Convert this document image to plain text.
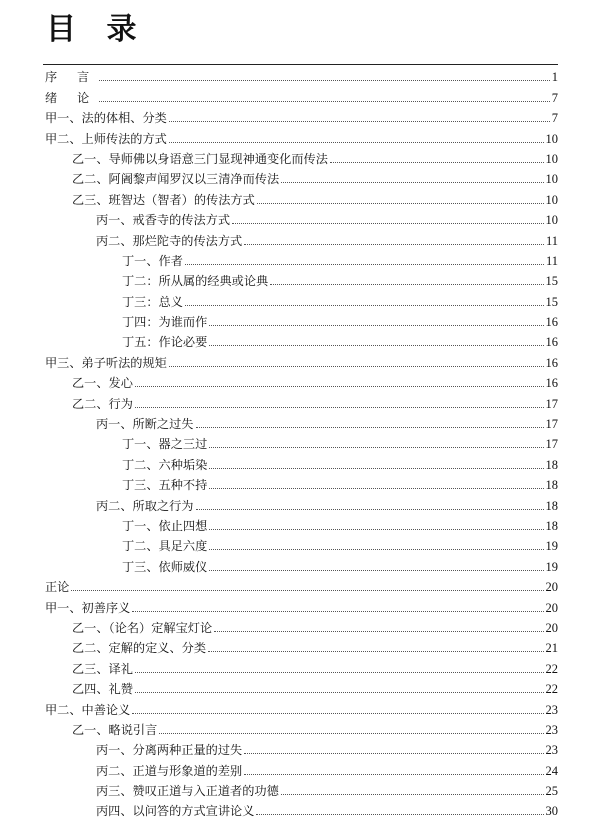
目 录
序 言	1
绪 论	7
甲一、法的体相、分类	7
甲二、上师传法的方式	10
乙一、导师佛以身语意三门显现神通变化而传法	10
乙二、阿阇黎声闻罗汉以三清净而传法	10
乙三、班智达（智者）的传法方式	10
丙一、戒香寺的传法方式	10
丙二、那烂陀寺的传法方式	11
丁一、作者	11
丁二：所从属的经典或论典	15
丁三：总义	15
丁四：为谁而作	16
丁五：作论必要	16
甲三、弟子听法的规矩	16
乙一、发心	16
乙二、行为	17
丙一、所断之过失	17
丁一、器之三过	17
丁二、六种垢染	18
丁三、五种不持	18
丙二、所取之行为	18
丁一、依止四想	18
丁二、具足六度	19
丁三、依师威仪	19
正论	20
甲一、初善序义	20
乙一、（论名）定解宝灯论	20
乙二、定解的定义、分类	21
乙三、译礼	22
乙四、礼赞	22
甲二、中善论义	23
乙一、略说引言	23
丙一、分离两种正量的过失	23
丙二、正道与形象道的差别	24
丙三、赞叹正道与入正道者的功德	25
丙四、以问答的方式宣讲论义	30
